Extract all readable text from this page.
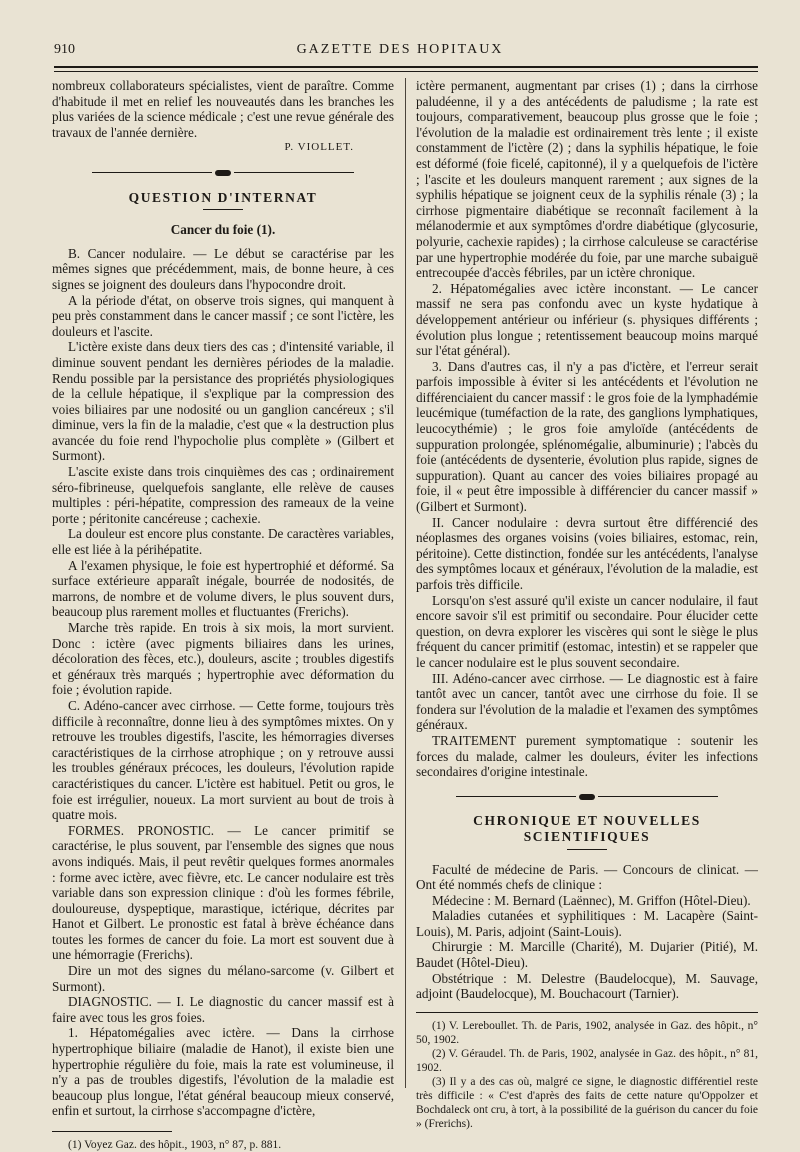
910	GAZETTE DES HOPITAUX

nombreux collaborateurs spécialistes, vient de paraître. Comme d'habitude il met en relief les nouveautés dans les branches les plus variées de la science médicale ; c'est une revue générale des travaux de l'année dernière.

P. VIOLLET.
QUESTION D'INTERNAT
Cancer du foie (1).

B. Cancer nodulaire. — Le début se caractérise par les mêmes signes que précédemment, mais, de bonne heure, à ces signes se joignent des douleurs dans l'hypocondre droit.

A la période d'état, on observe trois signes, qui manquent à peu près constamment dans le cancer massif ; ce sont l'ictère, les douleurs et l'ascite.

L'ictère existe dans deux tiers des cas ; d'intensité variable, il diminue souvent pendant les dernières périodes de la maladie. Rendu possible par la persistance des propriétés physiologiques de la cellule hépatique, il s'explique par la compression des voies biliaires par une nodosité ou un ganglion cancéreux ; s'il diminue, vers la fin de la maladie, c'est que « la destruction plus avancée du foie rend l'hypocholie plus complète » (Gilbert et Surmont).

L'ascite existe dans trois cinquièmes des cas ; ordinairement séro-fibrineuse, quelquefois sanglante, elle relève de causes multiples : péri-hépatite, compression des rameaux de la veine porte ; péritonite cancéreuse ; cachexie.

La douleur est encore plus constante. De caractères variables, elle est liée à la périhépatite.

A l'examen physique, le foie est hypertrophié et déformé. Sa surface extérieure apparaît inégale, bourrée de nodosités, de marrons, de nombre et de volume divers, le plus souvent durs, beaucoup plus rarement molles et fluctuantes (Frerichs).

Marche très rapide. En trois à six mois, la mort survient. Donc : ictère (avec pigments biliaires dans les urines, décoloration des fèces, etc.), douleurs, ascite ; troubles digestifs et généraux très marqués ; hypertrophie avec déformation du foie ; évolution rapide.

C. Adéno-cancer avec cirrhose. — Cette forme, toujours très difficile à reconnaître, donne lieu à des symptômes mixtes. On y retrouve les troubles digestifs, l'ascite, les hémorragies diverses caractéristiques de la cirrhose atrophique ; on y retrouve aussi les troubles généraux précoces, les douleurs, l'évolution rapide caractéristiques du cancer. L'ictère est habituel. Petit ou gros, le foie est irrégulier, noueux. La mort survient au bout de trois à quatre mois.

FORMES. PRONOSTIC. — Le cancer primitif se caractérise, le plus souvent, par l'ensemble des signes que nous avons indiqués. Mais, il peut revêtir quelques formes anormales : forme avec ictère, avec fièvre, etc. Le cancer nodulaire est très variable dans son expression clinique : d'où les formes fébrile, douloureuse, dyspeptique, marastique, ictérique, décrites par Hanot et Gilbert. Le pronostic est fatal à brève échéance dans toutes les formes de cancer du foie. La mort est souvent due à une hémorragie (Frerichs).

Dire un mot des signes du mélano-sarcome (v. Gilbert et Surmont).

DIAGNOSTIC. — I. Le diagnostic du cancer massif est à faire avec tous les gros foies.

1. Hépatomégalies avec ictère. — Dans la cirrhose hypertrophique biliaire (maladie de Hanot), il existe bien une hypertrophie régulière du foie, mais la rate est volumineuse, il n'y a pas de troubles digestifs, l'évolution de la maladie est beaucoup plus longue, l'état général beaucoup mieux conservé, enfin et surtout, la cirrhose s'accompagne d'ictère,

(1) Voyez Gaz. des hôpit., 1903, n° 87, p. 881.

ictère permanent, augmentant par crises (1) ; dans la cirrhose paludéenne, il y a des antécédents de paludisme ; la rate est toujours, comparativement, beaucoup plus grosse que le foie ; l'évolution de la maladie est ordinairement très lente ; il existe constamment de l'ictère (2) ; dans la syphilis hépatique, le foie est déformé (foie ficelé, capitonné), il y a quelquefois de l'ictère ; l'ascite et les douleurs manquent rarement ; aux signes de la syphilis hépatique se joignent ceux de la syphilis rénale (3) ; la cirrhose pigmentaire diabétique se reconnaît facilement à la mélanodermie et aux symptômes d'ordre diabétique (glycosurie, polyurie, cachexie rapides) ; la cirrhose calculeuse se caractérise par une hypertrophie modérée du foie, par une marche subaiguë entrecoupée d'accès fébriles, par un ictère chronique.

2. Hépatomégalies avec ictère inconstant. — Le cancer massif ne sera pas confondu avec un kyste hydatique à développement antérieur ou inférieur (s. physiques différents ; évolution plus longue ; retentissement beaucoup moins marqué sur l'état général).

3. Dans d'autres cas, il n'y a pas d'ictère, et l'erreur serait parfois impossible à éviter si les antécédents et l'évolution ne différenciaient du cancer massif : le gros foie de la lymphadémie leucémique (tuméfaction de la rate, des ganglions lymphatiques, leucocythémie) ; le gros foie amyloïde (antécédents de suppuration prolongée, splénomégalie, albuminurie) ; l'abcès du foie (antécédents de dysenterie, évolution plus rapide, signes de suppuration). Quant au cancer des voies biliaires propagé au foie, il « peut être impossible à différencier du cancer massif » (Gilbert et Surmont).

II. Cancer nodulaire : devra surtout être différencié des néoplasmes des organes voisins (voies biliaires, estomac, rein, péritoine). Cette distinction, fondée sur les antécédents, l'analyse des symptômes locaux et généraux, l'évolution de la maladie, est parfois très difficile.

Lorsqu'on s'est assuré qu'il existe un cancer nodulaire, il faut encore savoir s'il est primitif ou secondaire. Pour élucider cette question, on devra explorer les viscères qui sont le siège le plus fréquent du cancer primitif (estomac, intestin) et se rappeler que le cancer nodulaire est le plus souvent secondaire.

III. Adéno-cancer avec cirrhose. — Le diagnostic est à faire tantôt avec un cancer, tantôt avec une cirrhose du foie. Il se fondera sur l'évolution de la maladie et l'examen des symptômes généraux.

TRAITEMENT purement symptomatique : soutenir les forces du malade, calmer les douleurs, éviter les infections secondaires d'origine intestinale.

CHRONIQUE ET NOUVELLES SCIENTIFIQUES

Faculté de médecine de Paris. — Concours de clinicat. — Ont été nommés chefs de clinique :

Médecine : M. Bernard (Laënnec), M. Griffon (Hôtel-Dieu).

Maladies cutanées et syphilitiques : M. Lacapère (Saint-Louis), M. Paris, adjoint (Saint-Louis).

Chirurgie : M. Marcille (Charité), M. Dujarier (Pitié), M. Baudet (Hôtel-Dieu).

Obstétrique : M. Delestre (Baudelocque), M. Sauvage, adjoint (Baudelocque), M. Bouchacourt (Tarnier).

(1) V. Lereboullet. Th. de Paris, 1902, analysée in Gaz. des hôpit., n° 50, 1902.

(2) V. Géraudel. Th. de Paris, 1902, analysée in Gaz. des hôpit., n° 81, 1902.

(3) Il y a des cas où, malgré ce signe, le diagnostic différentiel reste très difficile : « C'est d'après des faits de cette nature qu'Oppolzer et Bochdaleck ont cru, à tort, à la possibilité de la guérison du cancer du foie » (Frerichs).
